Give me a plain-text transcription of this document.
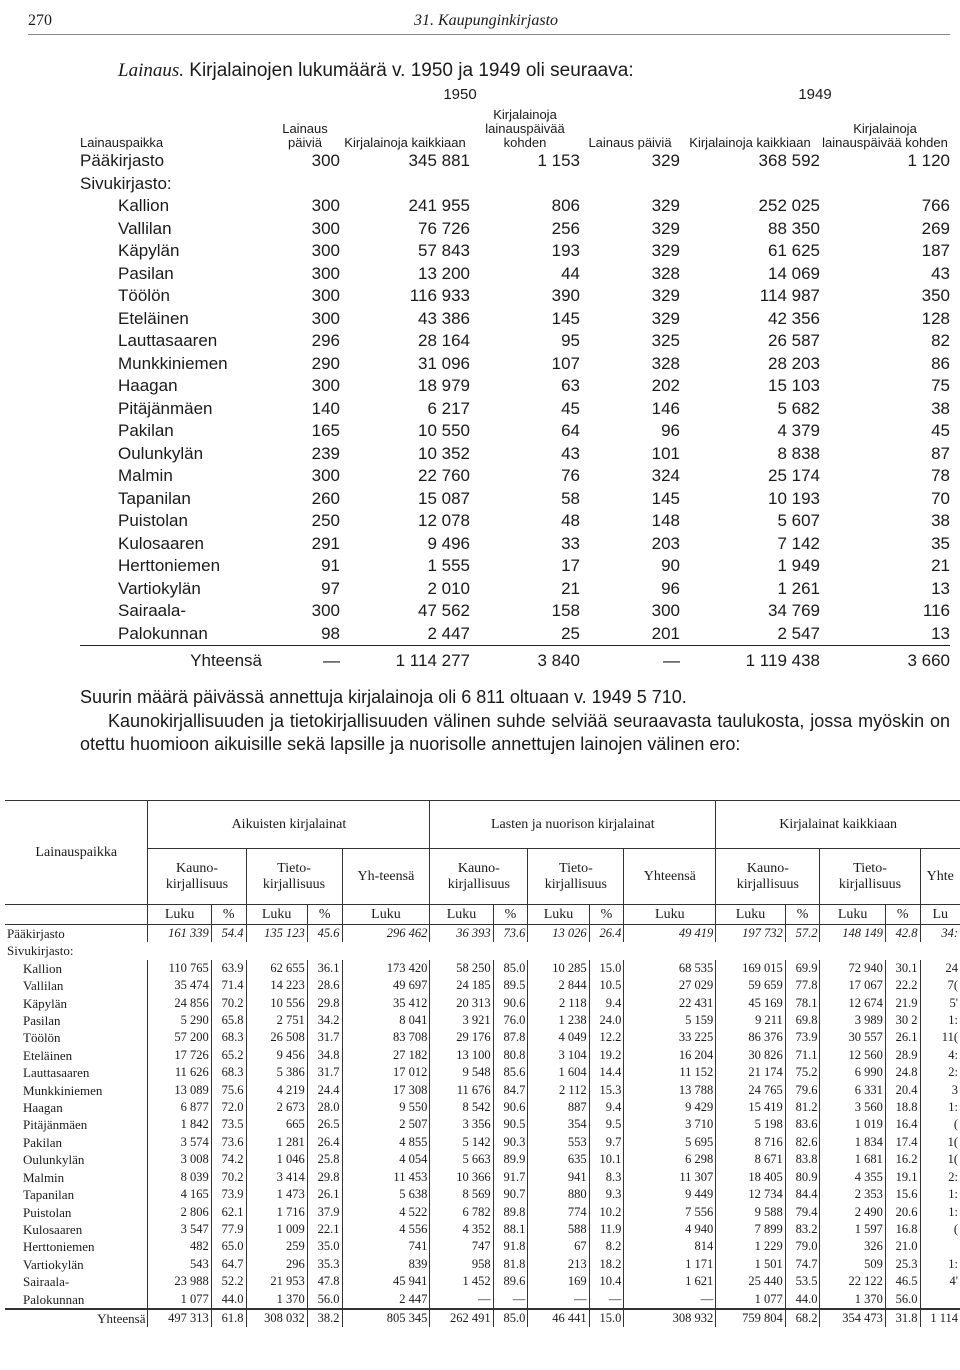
270	31. Kaupunginkirjasto
Lainaus. Kirjalainojen lukumäärä v. 1950 ja 1949 oli seuraava:
		1950			1949	
Lainauspaikka	Lainaus päiviä	Kirjalainoja kaikkiaan	Kirjalainoja lainauspäivää kohden	Lainaus päiviä	Kirjalainoja kaikkiaan	Kirjalainoja lainauspäivää kohden
Pääkirjasto	300	345 881	1 153	329	368 592	1 120
Sivukirjasto:						
Kallion	300	241 955	806	329	252 025	766
Vallilan	300	76 726	256	329	88 350	269
Käpylän	300	57 843	193	329	61 625	187
Pasilan	300	13 200	44	328	14 069	43
Töölön	300	116 933	390	329	114 987	350
Eteläinen	300	43 386	145	329	42 356	128
Lauttasaaren	296	28 164	95	325	26 587	82
Munkkiniemen	290	31 096	107	328	28 203	86
Haagan	300	18 979	63	202	15 103	75
Pitäjänmäen	140	6 217	45	146	5 682	38
Pakilan	165	10 550	64	96	4 379	45
Oulunkylän	239	10 352	43	101	8 838	87
Malmin	300	22 760	76	324	25 174	78
Tapanilan	260	15 087	58	145	10 193	70
Puistolan	250	12 078	48	148	5 607	38
Kulosaaren	291	9 496	33	203	7 142	35
Herttoniemen	91	1 555	17	90	1 949	21
Vartiokylän	97	2 010	21	96	1 261	13
Sairaala-	300	47 562	158	300	34 769	116
Palokunnan	98	2 447	25	201	2 547	13
Yhteensä	—	1 114 277	3 840	—	1 119 438	3 660
Suurin määrä päivässä annettuja kirjalainoja oli 6 811 oltuaan v. 1949 5 710.
Kaunokirjallisuuden ja tietokirjallisuuden välinen suhde selviää seuraavasta taulukosta, jossa myöskin on otettu huomioon aikuisille sekä lapsille ja nuorisolle annettujen lainojen välinen ero:
Lainauspaikka	Aikuisten kirjalainat					Lasten ja nuorison kirjalainat					Kirjalainat kaikkiaan				
	Kauno-kirjallisuus		Tieto-kirjallisuus		Yh-teensä	Kauno-kirjallisuus		Tieto-kirjallisuus		Yhteensä	Kauno-kirjallisuus		Tieto-kirjallisuus		Yhte
	Luku	%	Luku	%	Luku	Luku	%	Luku	%	Luku	Luku	%	Luku	%	Lu
Pääkirjasto	161 339	54.4	135 123	45.6	296 462	36 393	73.6	13 026	26.4	49 419	197 732	57.2	148 149	42.8	34:
Sivukirjasto:															
Kallion	110 765	63.9	62 655	36.1	173 420	58 250	85.0	10 285	15.0	68 535	169 015	69.9	72 940	30.1	24
Vallilan	35 474	71.4	14 223	28.6	49 697	24 185	89.5	2 844	10.5	27 029	59 659	77.8	17 067	22.2	7(
Käpylän	24 856	70.2	10 556	29.8	35 412	20 313	90.6	2 118	9.4	22 431	45 169	78.1	12 674	21.9	5'
Pasilan	5 290	65.8	2 751	34.2	8 041	3 921	76.0	1 238	24.0	5 159	9 211	69.8	3 989	30 2	1:
Töölön	57 200	68.3	26 508	31.7	83 708	29 176	87.8	4 049	12.2	33 225	86 376	73.9	30 557	26.1	11(
Eteläinen	17 726	65.2	9 456	34.8	27 182	13 100	80.8	3 104	19.2	16 204	30 826	71.1	12 560	28.9	4:
Lauttasaaren	11 626	68.3	5 386	31.7	17 012	9 548	85.6	1 604	14.4	11 152	21 174	75.2	6 990	24.8	2:
Munkkiniemen	13 089	75.6	4 219	24.4	17 308	11 676	84.7	2 112	15.3	13 788	24 765	79.6	6 331	20.4	3
Haagan	6 877	72.0	2 673	28.0	9 550	8 542	90.6	887	9.4	9 429	15 419	81.2	3 560	18.8	1:
Pitäjänmäen	1 842	73.5	665	26.5	2 507	3 356	90.5	354	9.5	3 710	5 198	83.6	1 019	16.4	(
Pakilan	3 574	73.6	1 281	26.4	4 855	5 142	90.3	553	9.7	5 695	8 716	82.6	1 834	17.4	1(
Oulunkylän	3 008	74.2	1 046	25.8	4 054	5 663	89.9	635	10.1	6 298	8 671	83.8	1 681	16.2	1(
Malmin	8 039	70.2	3 414	29.8	11 453	10 366	91.7	941	8.3	11 307	18 405	80.9	4 355	19.1	2:
Tapanilan	4 165	73.9	1 473	26.1	5 638	8 569	90.7	880	9.3	9 449	12 734	84.4	2 353	15.6	1:
Puistolan	2 806	62.1	1 716	37.9	4 522	6 782	89.8	774	10.2	7 556	9 588	79.4	2 490	20.6	1:
Kulosaaren	3 547	77.9	1 009	22.1	4 556	4 352	88.1	588	11.9	4 940	7 899	83.2	1 597	16.8	(
Herttoniemen	482	65.0	259	35.0	741	747	91.8	67	8.2	814	1 229	79.0	326	21.0	
Vartiokylän	543	64.7	296	35.3	839	958	81.8	213	18.2	1 171	1 501	74.7	509	25.3	1:
Sairaala-	23 988	52.2	21 953	47.8	45 941	1 452	89.6	169	10.4	1 621	25 440	53.5	22 122	46.5	4'
Palokunnan	1 077	44.0	1 370	56.0	2 447	—	—	—	—	—	1 077	44.0	1 370	56.0	
Yhteensä	497 313	61.8	308 032	38.2	805 345	262 491	85.0	46 441	15.0	308 932	759 804	68.2	354 473	31.8	1 114
